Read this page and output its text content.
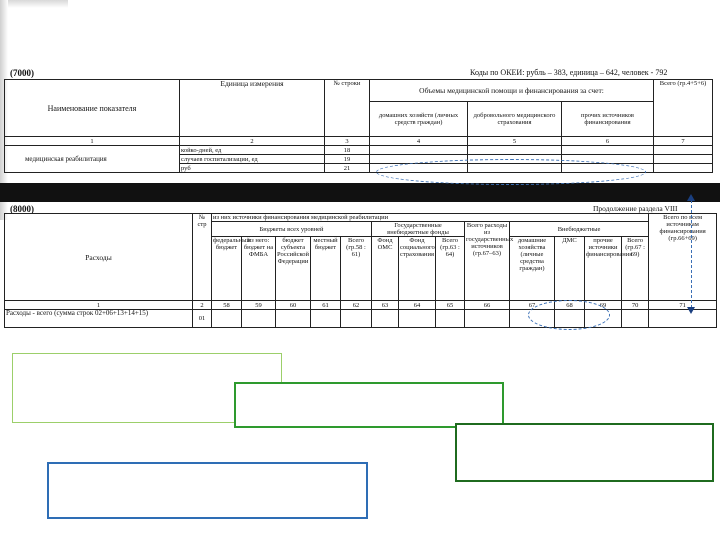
(7000)	Коды по ОКЕИ: рубль – 383, единица – 642, человек - 792
Наименование показателя	Единица измерения	№ строки	Объемы медицинской помощи и финансирования за счет:			Всего (гр.4+5+6)
			домашних хозяйств (личных средств граждан)	добровольного медицинского страхования	прочих источников финансирования	
1	2	3	4	5	6	7
медицинская реабилитация	койко-дней, ед	18				
	случаев госпитализации, ед	19				
	руб	21				
(8000)	Продолжение раздела VIII
Расходы	№ стр	из них источники финансирования медицинской реабилитации													Всего по всем источникам финансирования (гр.66+69)
		Бюджеты всех уровней					Государственные внебюджетные фонды			Всего расходы из государственных источников (гр.67–63)	Внебюджетные				
		федеральный бюджет	из него: бюджет на ФМБА	бюджет субъекта Российской Федерации	местный бюджет	Всего (гр.58 : 61)	Фонд ОМС	Фонд социального страхования	Всего (гр.63 : 64)		домашние хозяйства (личные средства граждан)	ДМС	прочие источники финансирования	Всего (гр.67 : 69)	
1	2	58	59	60	61	62	63	64	65	66	67	68	69	70	71
Расходы - всего (сумма строк 02+06+13+14+15)	01														
